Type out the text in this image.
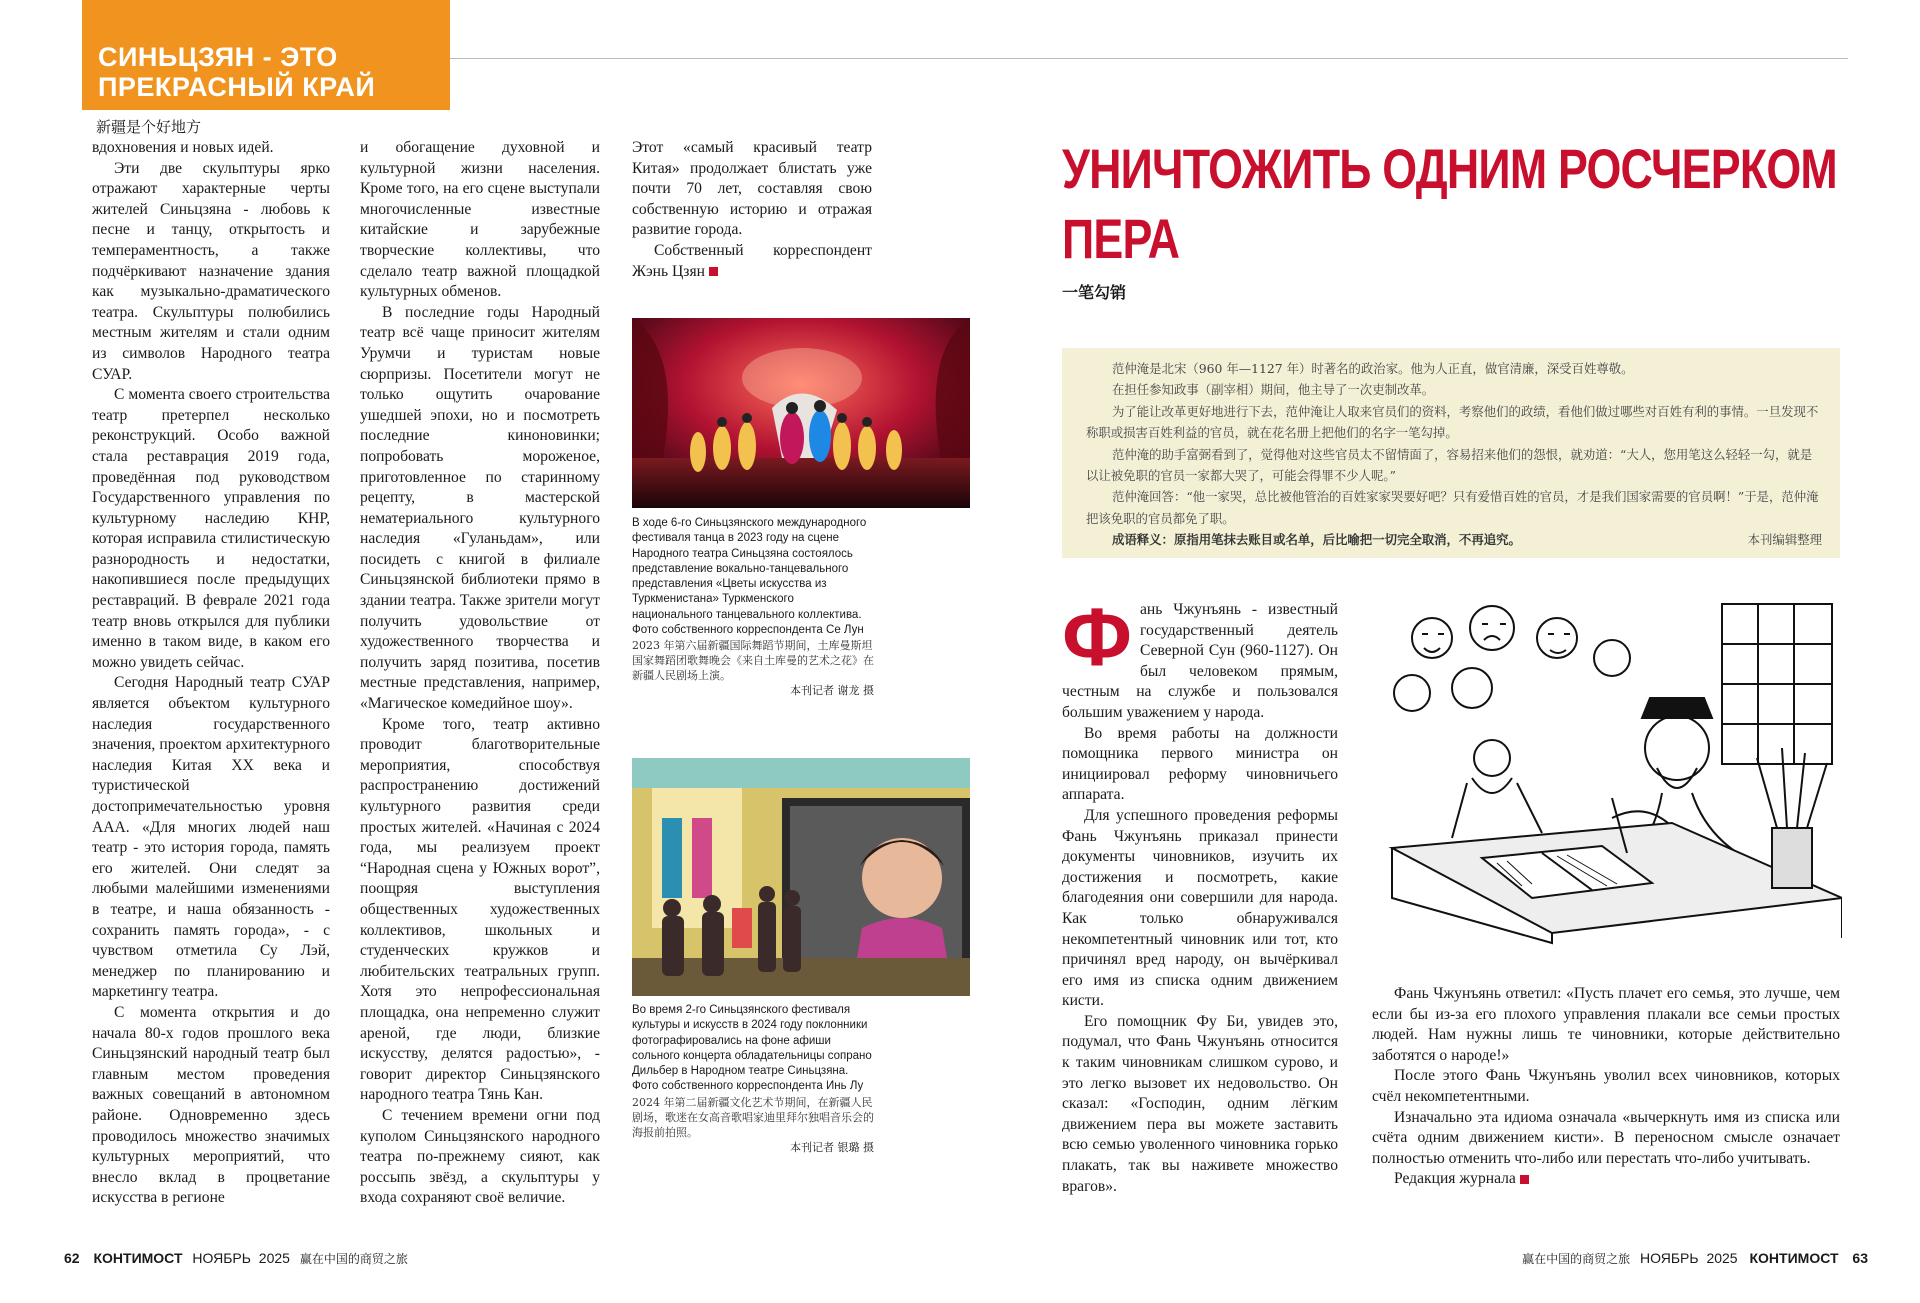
СИНЬЦЗЯН - ЭТО
ПРЕКРАСНЫЙ КРАЙ
新疆是个好地方

вдохновения и новых идей.

Эти две скульптуры ярко отражают характерные черты жителей Синьцзяна - любовь к песне и танцу, открытость и темпераментность, а также подчёркивают назначение здания как музыкально-драматического театра. Скульптуры полюбились местным жителям и стали одним из символов Народного театра СУАР.

С момента своего строительства театр претерпел несколько реконструкций. Особо важной стала реставрация 2019 года, проведённая под руководством Государственного управления по культурному наследию КНР, которая исправила стилистическую разнородность и недостатки, накопившиеся после предыдущих реставраций. В феврале 2021 года театр вновь открылся для публики именно в таком виде, в каком его можно увидеть сейчас.

Сегодня Народный театр СУАР является объектом культурного наследия государственного значения, проектом архитектурного наследия Китая XX века и туристической достопримечательностью уровня ААА. «Для многих людей наш театр - это история города, память его жителей. Они следят за любыми малейшими изменениями в театре, и наша обязанность - сохранить память города», - с чувством отметила Су Лэй, менеджер по планированию и маркетингу театра.

С момента открытия и до начала 80-х годов прошлого века Синьцзянский народный театр был главным местом проведения важных совещаний в автономном районе. Одновременно здесь проводилось множество значимых культурных мероприятий, что внесло вклад в процветание искусства в регионе

и обогащение духовной и культурной жизни населения. Кроме того, на его сцене выступали многочисленные известные китайские и зарубежные творческие коллективы, что сделало театр важной площадкой культурных обменов.

В последние годы Народный театр всё чаще приносит жителям Урумчи и туристам новые сюрпризы. Посетители могут не только ощутить очарование ушедшей эпохи, но и посмотреть последние киноновинки; попробовать мороженое, приготовленное по старинному рецепту, в мастерской нематериального культурного наследия «Гуланьдам», или посидеть с книгой в филиале Синьцзянской библиотеки прямо в здании театра. Также зрители могут получить удовольствие от художественного творчества и получить заряд позитива, посетив местные представления, например, «Магическое комедийное шоу».

Кроме того, театр активно проводит благотворительные мероприятия, способствуя распространению достижений культурного развития среди простых жителей. «Начиная с 2024 года, мы реализуем проект “Народная сцена у Южных ворот”, поощряя выступления общественных художественных коллективов, школьных и студенческих кружков и любительских театральных групп. Хотя это непрофессиональная площадка, она непременно служит ареной, где люди, близкие искусству, делятся радостью», - говорит директор Синьцзянского народного театра Тянь Кан.

С течением времени огни под куполом Синьцзянского народного театра по-прежнему сияют, как россыпь звёзд, а скульптуры у входа сохраняют своё величие.

Этот «самый красивый театр Китая» продолжает блистать уже почти 70 лет, составляя свою собственную историю и отражая развитие города.

Собственный корреспондент Жэнь Цзян

В ходе 6-го Синьцзянского международного фестиваля танца в 2023 году на сцене Народного театра Синьцзяна состоялось представление вокально-танцевального представления «Цветы искусства из Туркменистана» Туркменского национального танцевального коллектива. Фото собственного корреспондента Се Лун
2023 年第六届新疆国际舞蹈节期间，土库曼斯坦国家舞蹈团歌舞晚会《来自土库曼的艺术之花》在新疆人民剧场上演。
本刊记者 谢龙 摄
Во время 2-го Синьцзянского фестиваля культуры и искусств в 2024 году поклонники фотографировались на фоне афиши сольного концерта обладательницы сопрано Дильбер в Народном театре Синьцзяна. Фото собственного корреспондента Инь Лу
2024 年第二届新疆文化艺术节期间，在新疆人民剧场，歌迷在女高音歌唱家迪里拜尔独唱音乐会的海报前拍照。
本刊记者 银璐 摄
УНИЧТОЖИТЬ ОДНИМ РОСЧЕРКОМ
ПЕРА
一笔勾销
范仲淹是北宋（960 年—1127 年）时著名的政治家。他为人正直，做官清廉，深受百姓尊敬。
在担任参知政事（副宰相）期间，他主导了一次吏制改革。
为了能让改革更好地进行下去，范仲淹让人取来官员们的资料，考察他们的政绩，看他们做过哪些对百姓有利的事情。一旦发现不称职或损害百姓利益的官员，就在花名册上把他们的名字一笔勾掉。
范仲淹的助手富弼看到了，觉得他对这些官员太不留情面了，容易招来他们的怨恨，就劝道：“大人，您用笔这么轻轻一勾，就是以让被免职的官员一家都大哭了，可能会得罪不少人呢。”
范仲淹回答：“他一家哭，总比被他管治的百姓家家哭要好吧？只有爱惜百姓的官员，才是我们国家需要的官员啊！”于是，范仲淹把该免职的官员都免了职。
成语释义：原指用笔抹去账目或名单，后比喻把一切完全取消，不再追究。	本刊编辑整理

Ф ань Чжунъянь - известный государственный деятель Северной Сун (960-1127). Он был человеком прямым, честным на службе и пользовался большим уважением у народа.

Во время работы на должности помощника первого министра он инициировал реформу чиновничьего аппарата.

Для успешного проведения реформы Фань Чжунъянь приказал принести документы чиновников, изучить их достижения и посмотреть, какие благодеяния они совершили для народа. Как только обнаруживался некомпетентный чиновник или тот, кто причинял вред народу, он вычёркивал его имя из списка одним движением кисти.

Его помощник Фу Би, увидев это, подумал, что Фань Чжунъянь относится к таким чиновникам слишком сурово, и это легко вызовет их недовольство. Он сказал: «Господин, одним лёгким движением пера вы можете заставить всю семью уволенного чиновника горько плакать, так вы наживете множество врагов».

Фань Чжунъянь ответил: «Пусть плачет его семья, это лучше, чем если бы из-за его плохого управления плакали все семьи простых людей. Нам нужны лишь те чиновники, которые действительно заботятся о народе!»

После этого Фань Чжунъянь уволил всех чиновников, которых счёл некомпетентными.

Изначально эта идиома означала «вычеркнуть имя из списка или счёта одним движением кисти». В переносном смысле означает полностью отменить что-либо или перестать что-либо учитывать.

Редакция журнала

62 КОНТИМОСТ НОЯБРЬ 2025 赢在中国的商贸之旅	赢在中国的商贸之旅 НОЯБРЬ 2025 КОНТИМОСТ 63
